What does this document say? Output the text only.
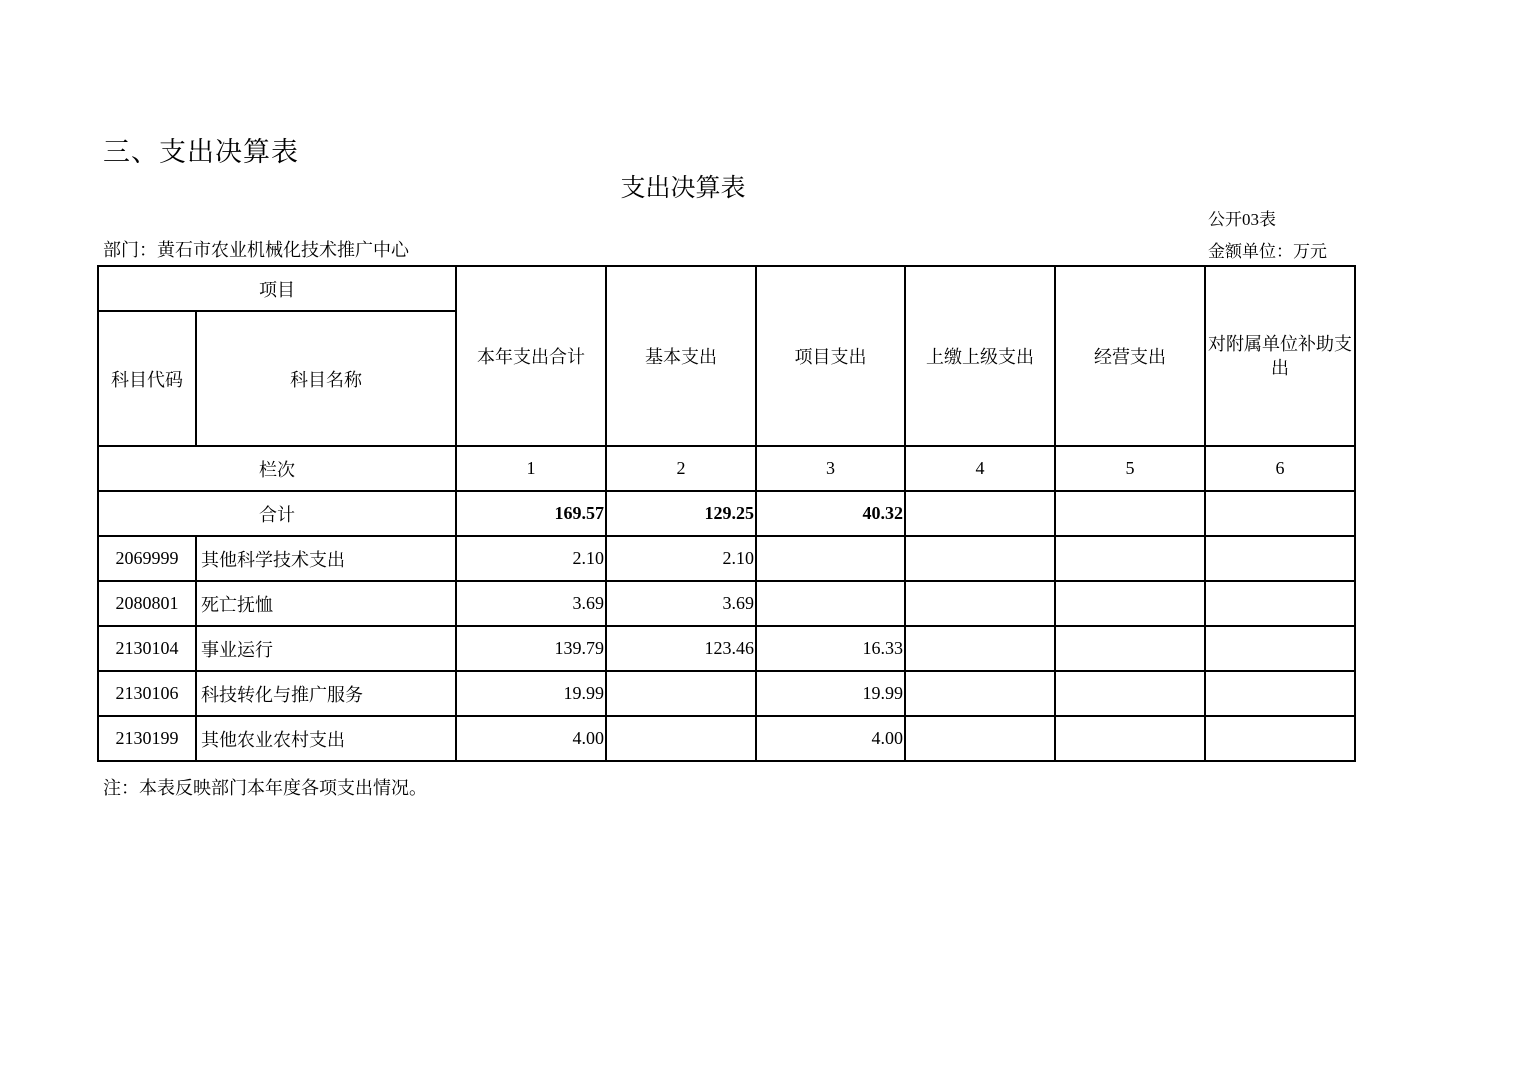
三、支出决算表
支出决算表
公开03表
部门：黄石市农业机械化技术推广中心	金额单位：万元
项目		本年支出合计	基本支出	项目支出	上缴上级支出	经营支出	对附属单位补助支出
科目代码	科目名称						
栏次		1	2	3	4	5	6
合计		169.57	129.25	40.32			
2069999	其他科学技术支出	2.10	2.10				
2080801	死亡抚恤	3.69	3.69				
2130104	事业运行	139.79	123.46	16.33			
2130106	科技转化与推广服务	19.99		19.99			
2130199	其他农业农村支出	4.00		4.00			
注：本表反映部门本年度各项支出情况。
